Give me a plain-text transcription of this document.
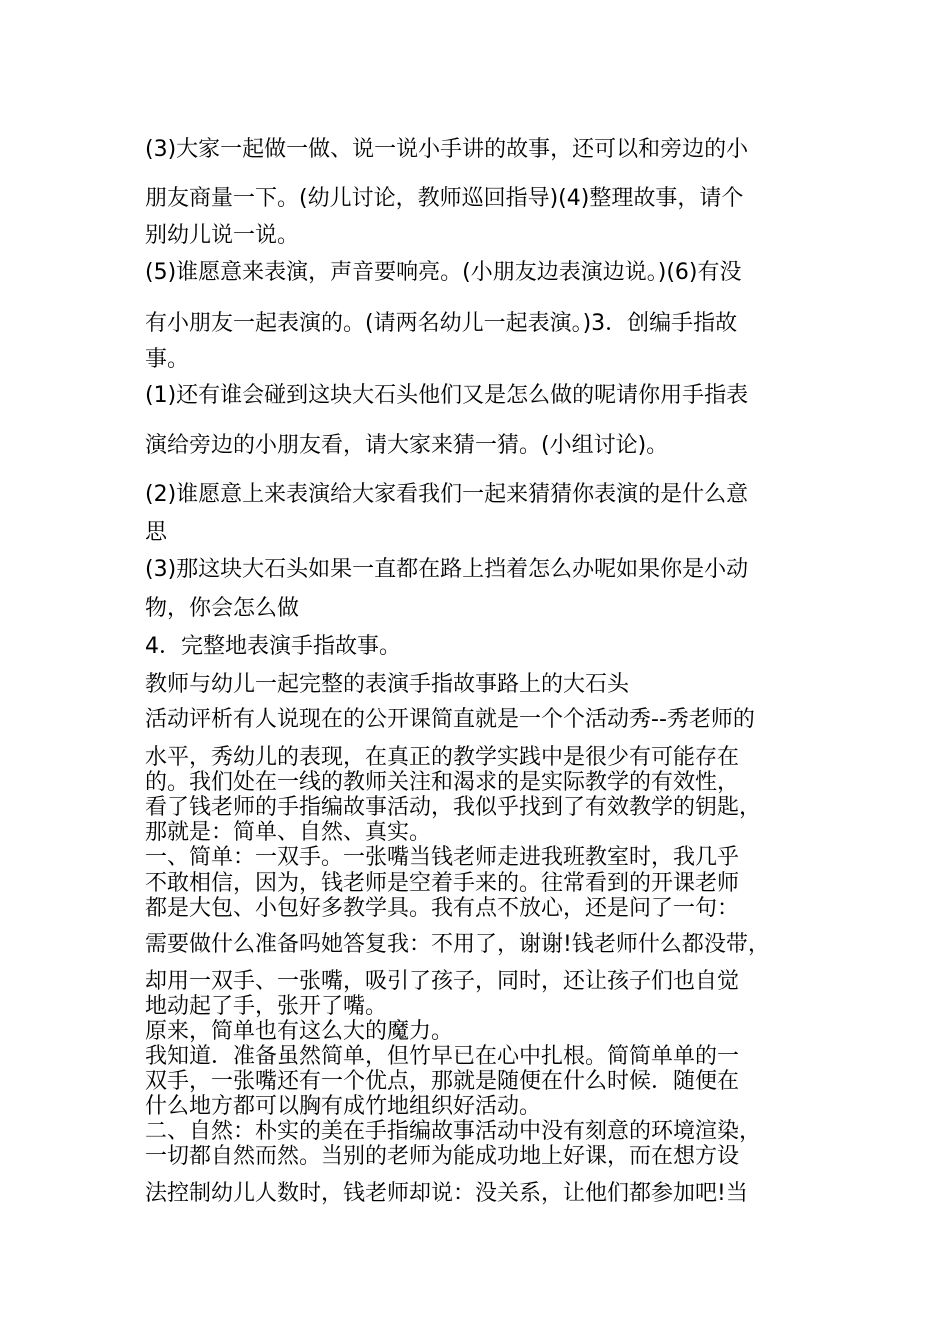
(3)大家一起做一做、说一说小手讲的故事，还可以和旁边的小
朋友商量一下。(幼儿讨论，教师巡回指导)(4)整理故事，请个
别幼儿说一说。
(5)谁愿意来表演，声音要响亮。(小朋友边表演边说。)(6)有没
有小朋友一起表演的。(请两名幼儿一起表演。)3．创编手指故
事。
(1)还有谁会碰到这块大石头他们又是怎么做的呢请你用手指表
演给旁边的小朋友看，请大家来猜一猜。(小组讨论)。
(2)谁愿意上来表演给大家看我们一起来猜猜你表演的是什么意
思
(3)那这块大石头如果一直都在路上挡着怎么办呢如果你是小动
物，你会怎么做
4．完整地表演手指故事。
教师与幼儿一起完整的表演手指故事路上的大石头
活动评析有人说现在的公开课简直就是一个个活动秀--秀老师的
水平，秀幼儿的表现，在真正的教学实践中是很少有可能存在
的。我们处在一线的教师关注和渴求的是实际教学的有效性，
看了钱老师的手指编故事活动，我似乎找到了有效教学的钥匙，
那就是：简单、自然、真实。
一、简单：一双手。一张嘴当钱老师走进我班教室时，我几乎
不敢相信，因为，钱老师是空着手来的。往常看到的开课老师
都是大包、小包好多教学具。我有点不放心，还是问了一句：
需要做什么准备吗她答复我：不用了，谢谢!钱老师什么都没带，
却用一双手、一张嘴，吸引了孩子，同时，还让孩子们也自觉
地动起了手，张开了嘴。
原来，简单也有这么大的魔力。
我知道．准备虽然简单，但竹早已在心中扎根。简简单单的一
双手，一张嘴还有一个优点，那就是随便在什么时候．随便在
什么地方都可以胸有成竹地组织好活动。
二、自然：朴实的美在手指编故事活动中没有刻意的环境渲染，
一切都自然而然。当别的老师为能成功地上好课，而在想方设
法控制幼儿人数时，钱老师却说：没关系，让他们都参加吧!当
